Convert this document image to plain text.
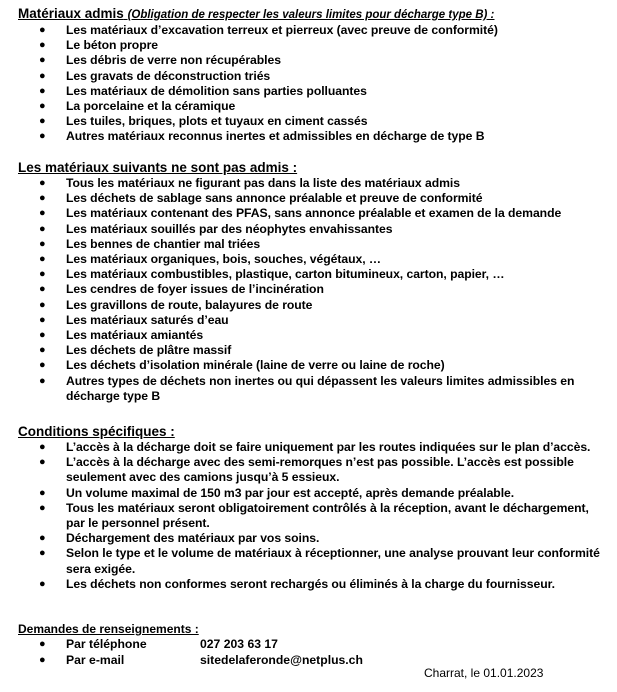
Matériaux admis (Obligation de respecter les valeurs limites pour décharge type B) :
● Les matériaux d’excavation terreux et pierreux (avec preuve de conformité)
● Le béton propre
● Les débris de verre non récupérables
● Les gravats de déconstruction triés
● Les matériaux de démolition sans parties polluantes
● La porcelaine et la céramique
● Les tuiles, briques, plots et tuyaux en ciment cassés
● Autres matériaux reconnus inertes et admissibles en décharge de type B
Les matériaux suivants ne sont pas admis :
● Tous les matériaux ne figurant pas dans la liste des matériaux admis
● Les déchets de sablage sans annonce préalable et preuve de conformité
● Les matériaux contenant des PFAS, sans annonce préalable et examen de la demande
● Les matériaux souillés par des néophytes envahissantes
● Les bennes de chantier mal triées
● Les matériaux organiques, bois, souches, végétaux, …
● Les matériaux combustibles, plastique, carton bitumineux, carton, papier, …
● Les cendres de foyer issues de l’incinération
● Les gravillons de route, balayures de route
● Les matériaux saturés d’eau
● Les matériaux amiantés
● Les déchets de plâtre massif
● Les déchets d’isolation minérale (laine de verre ou laine de roche)
● Autres types de déchets non inertes ou qui dépassent les valeurs limites admissibles en décharge type B
Conditions spécifiques :
● L’accès à la décharge doit se faire uniquement par les routes indiquées sur le plan d’accès.
● L’accès à la décharge avec des semi-remorques n’est pas possible. L’accès est possible seulement avec des camions jusqu’à 5 essieux.
● Un volume maximal de 150 m3 par jour est accepté, après demande préalable.
● Tous les matériaux seront obligatoirement contrôlés à la réception, avant le déchargement, par le personnel présent.
● Déchargement des matériaux par vos soins.
● Selon le type et le volume de matériaux à réceptionner, une analyse prouvant leur conformité sera exigée.
● Les déchets non conformes seront rechargés ou éliminés à la charge du fournisseur.
Demandes de renseignements :
● Par téléphone	027 203 63 17
● Par e-mail	sitedelaferonde@netplus.ch
Charrat, le 01.01.2023
